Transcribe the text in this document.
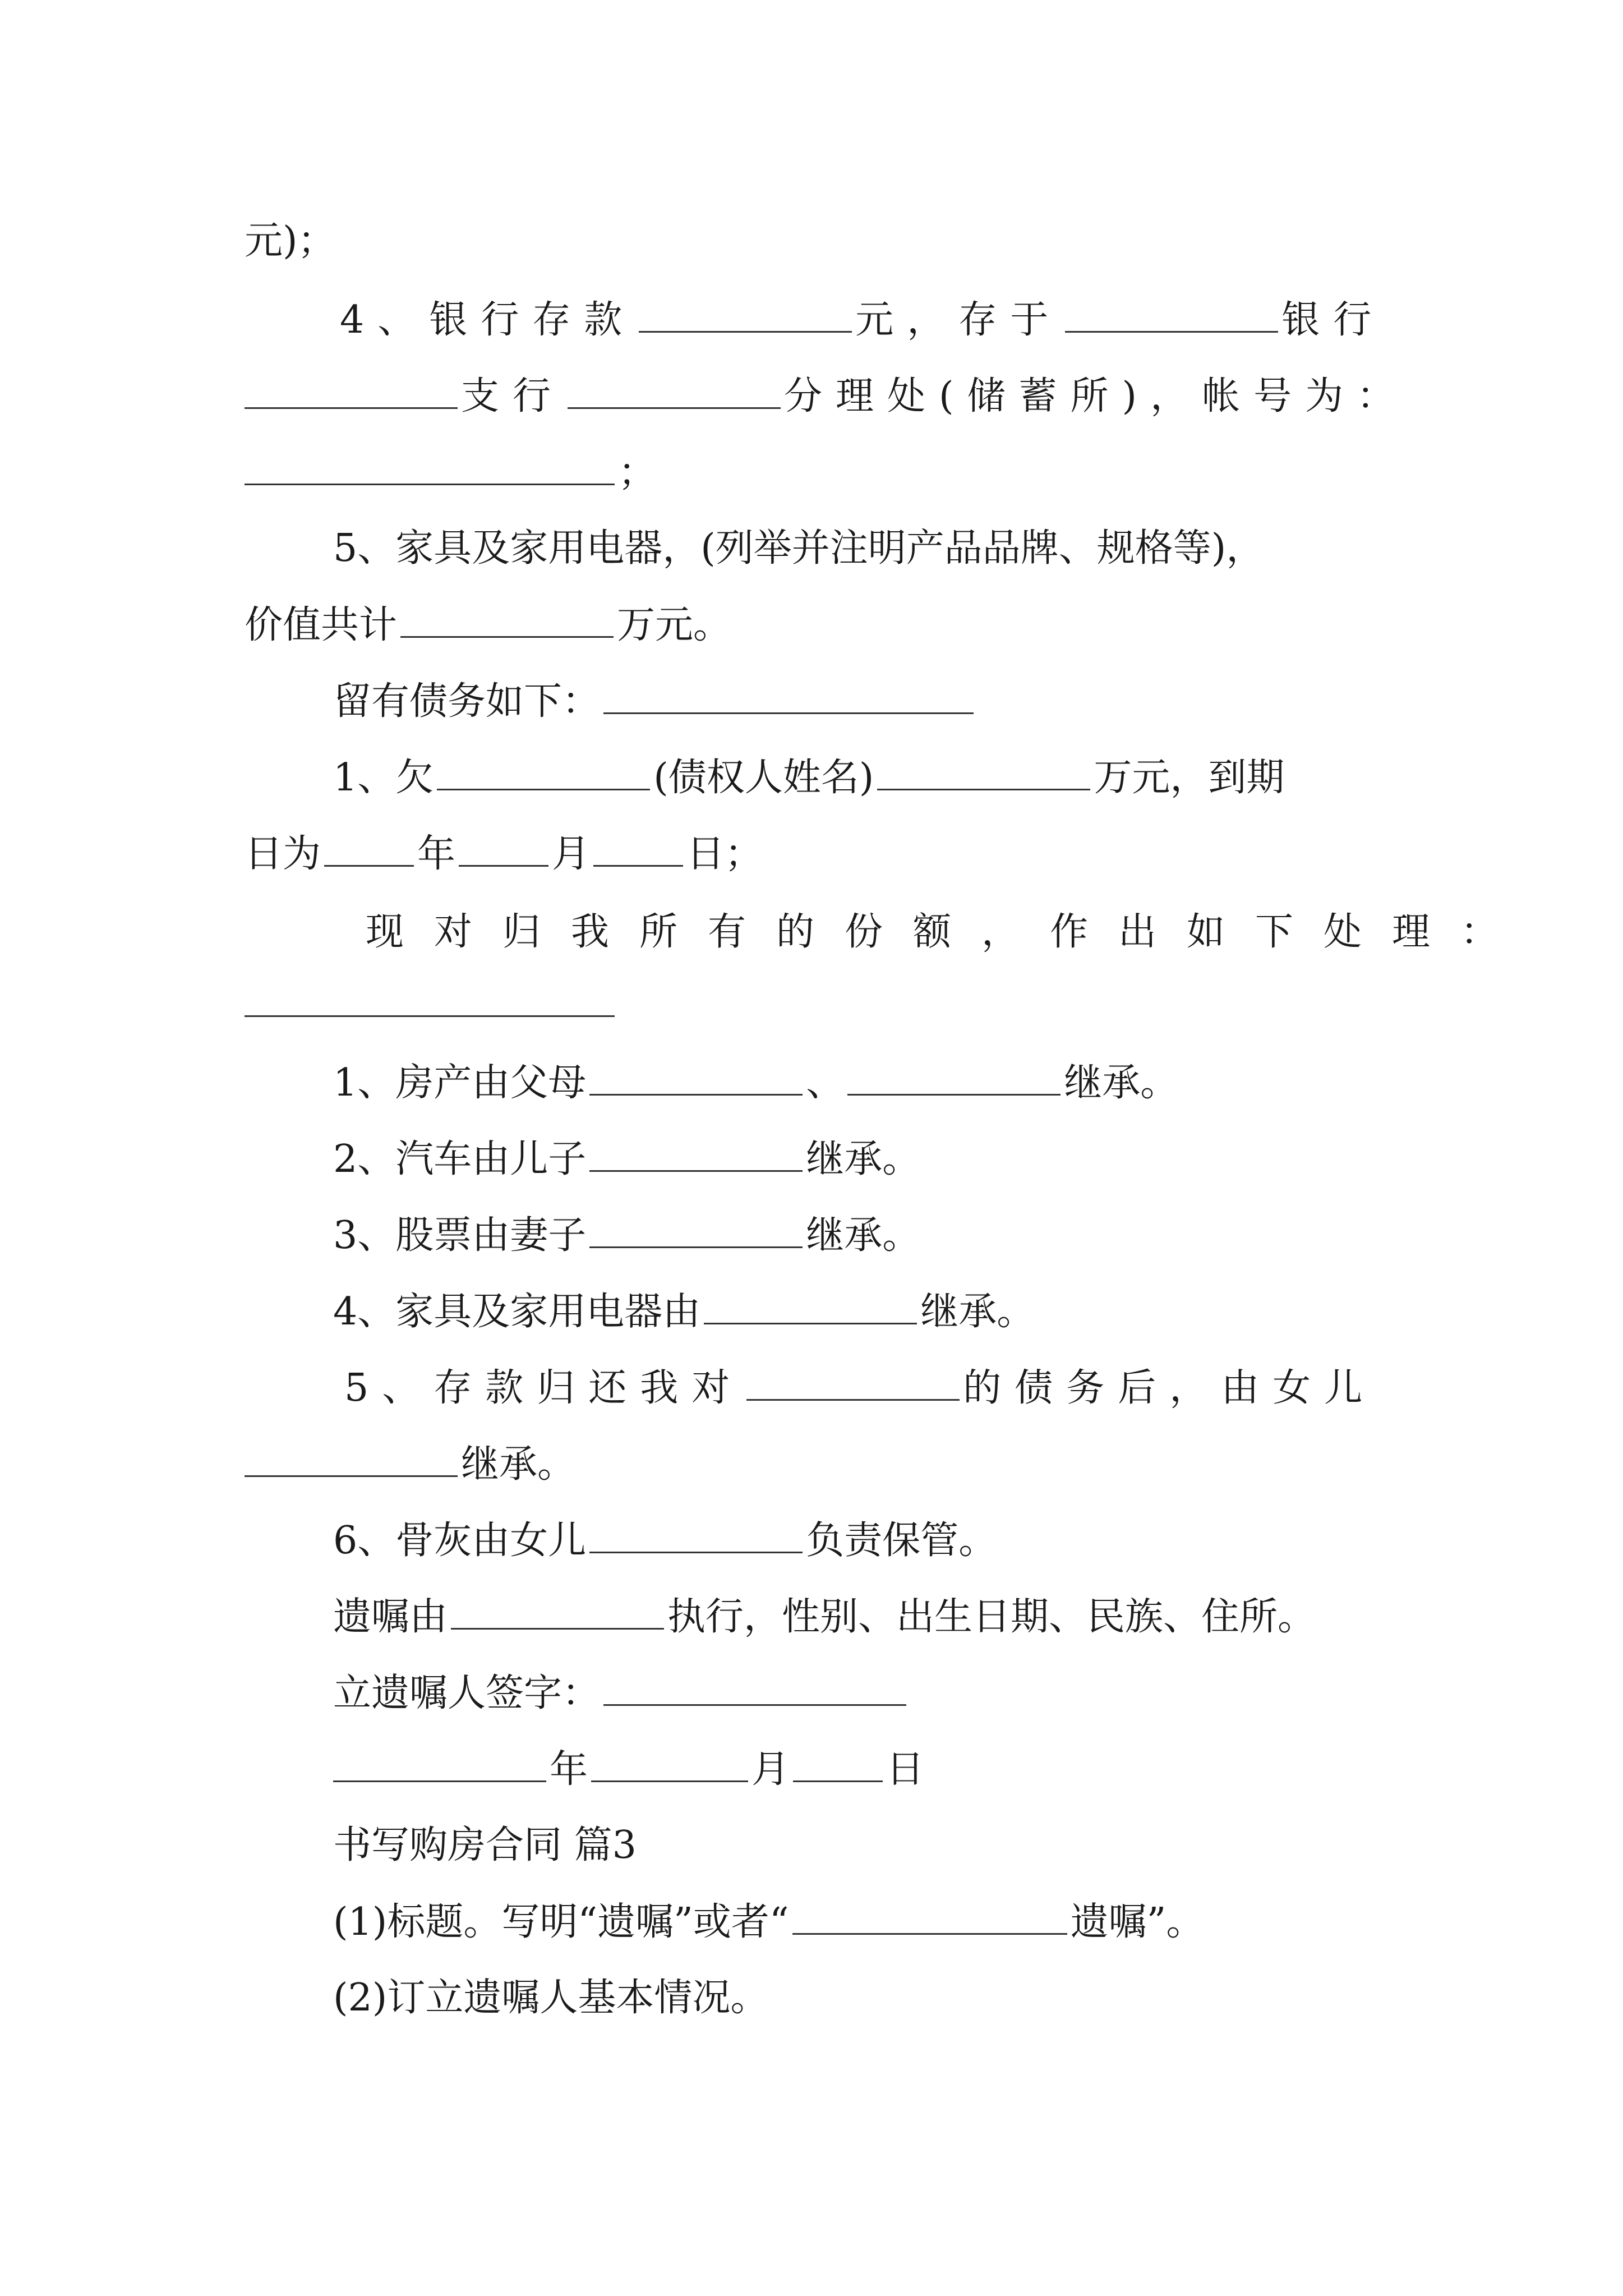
元)；
4、银行存款	元，存于	银行
支行	分理处(储蓄所)，帐号为：
；
5、家具及家用电器，(列举并注明产品品牌、规格等)，
价值共计	万元。
留有债务如下：
1、欠	(债权人姓名)	万元，到期
日为	年	月	日；
现对归我所有的份额，作出如下处理：
1、房产由父母	、	继承。
2、汽车由儿子	继承。
3、股票由妻子	继承。
4、家具及家用电器由	继承。
5、存款归还我对	的债务后，由女儿
继承。
6、骨灰由女儿	负责保管。
遗嘱由	执行，性别、出生日期、民族、住所。
立遗嘱人签字：
年	月	日
书写购房合同 篇3
(1)标题。写明“遗嘱”或者“	遗嘱”。
(2)订立遗嘱人基本情况。
